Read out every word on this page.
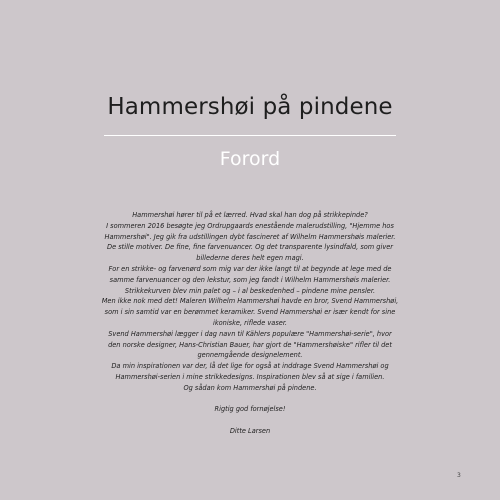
Hammershøi på pindene
Forord
Hammershøi hører til på et lærred. Hvad skal han dog på strikkepinde?
I sommeren 2016 besøgte jeg Ordrupgaards enestående malerudstilling, "Hjemme hos
Hammershøi". Jeg gik fra udstillingen dybt fascineret af Wilhelm Hammershøis malerier.
De stille motiver. De fine, fine farvenuancer. Og det transparente lysindfald, som giver
billederne deres helt egen magi.
For en strikke- og farvenørd som mig var der ikke langt til at begynde at lege med de
samme farvenuancer og den lekstur, som jeg fandt i Wilhelm Hammershøis malerier.
Strikkekurven blev min palet og – i al beskedenhed – pindene mine pensler.
Men ikke nok med det! Maleren Wilhelm Hammershøi havde en bror, Svend Hammershøi,
som i sin samtid var en berømmet keramiker. Svend Hammershøi er især kendt for sine
ikoniske, riflede vaser.
Svend Hammershøi lægger i dag navn til Kählers populære "Hammershøi-serie", hvor
den norske designer, Hans-Christian Bauer, har gjort de "Hammershøiske" rifler til det
gennemgående designelement.
Da min inspirationen var der, lå det lige for også at inddrage Svend Hammershøi og
Hammershøi-serien i mine strikkedesigns. Inspirationen blev så at sige i familien.
Og sådan kom Hammershøi på pindene.
Rigtig god fornøjelse!
Ditte Larsen
3
